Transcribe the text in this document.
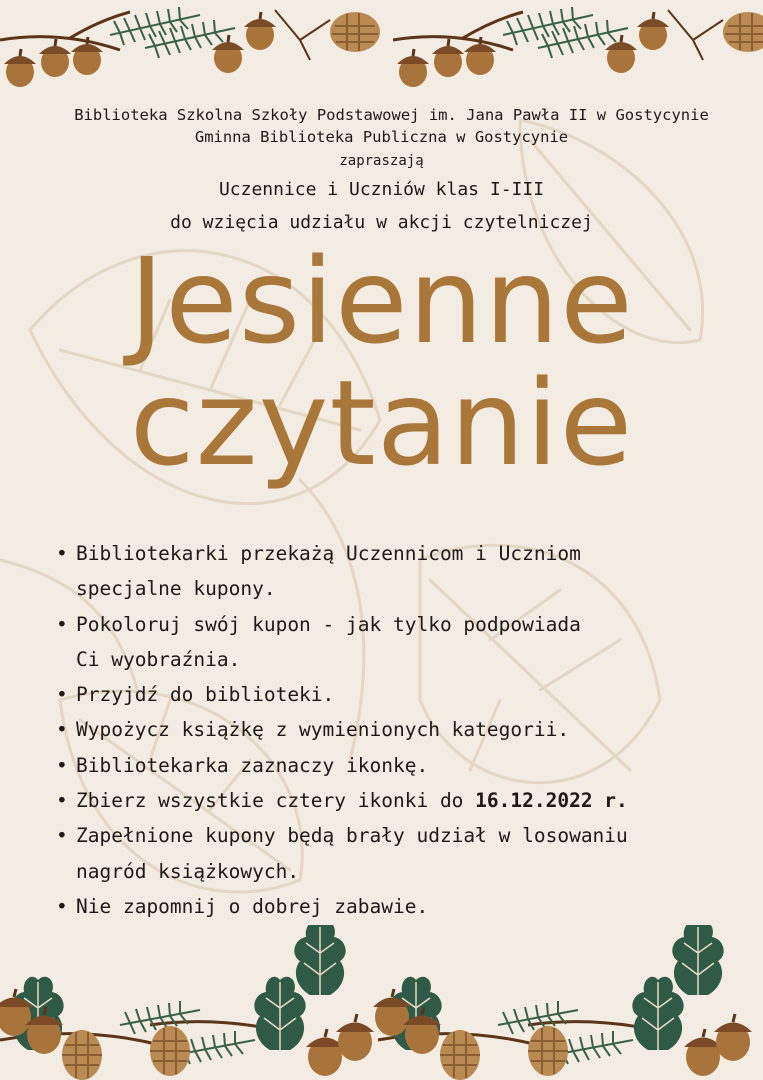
Biblioteka Szkolna Szkoły Podstawowej im. Jana Pawła II w Gostycynie
Gminna Biblioteka Publiczna w Gostycynie
zapraszają
Uczennice i Uczniów klas I-III
do wzięcia udziału w akcji czytelniczej
Jesienne
czytanie
• Bibliotekarki przekażą Uczennicom i Uczniom
specjalne kupony.
• Pokoloruj swój kupon - jak tylko podpowiada
Ci wyobraźnia.
• Przyjdź do biblioteki.
• Wypożycz książkę z wymienionych kategorii.
• Bibliotekarka zaznaczy ikonkę.
• Zbierz wszystkie cztery ikonki do 16.12.2022 r.
• Zapełnione kupony będą brały udział w losowaniu
nagród książkowych.
• Nie zapomnij o dobrej zabawie.
